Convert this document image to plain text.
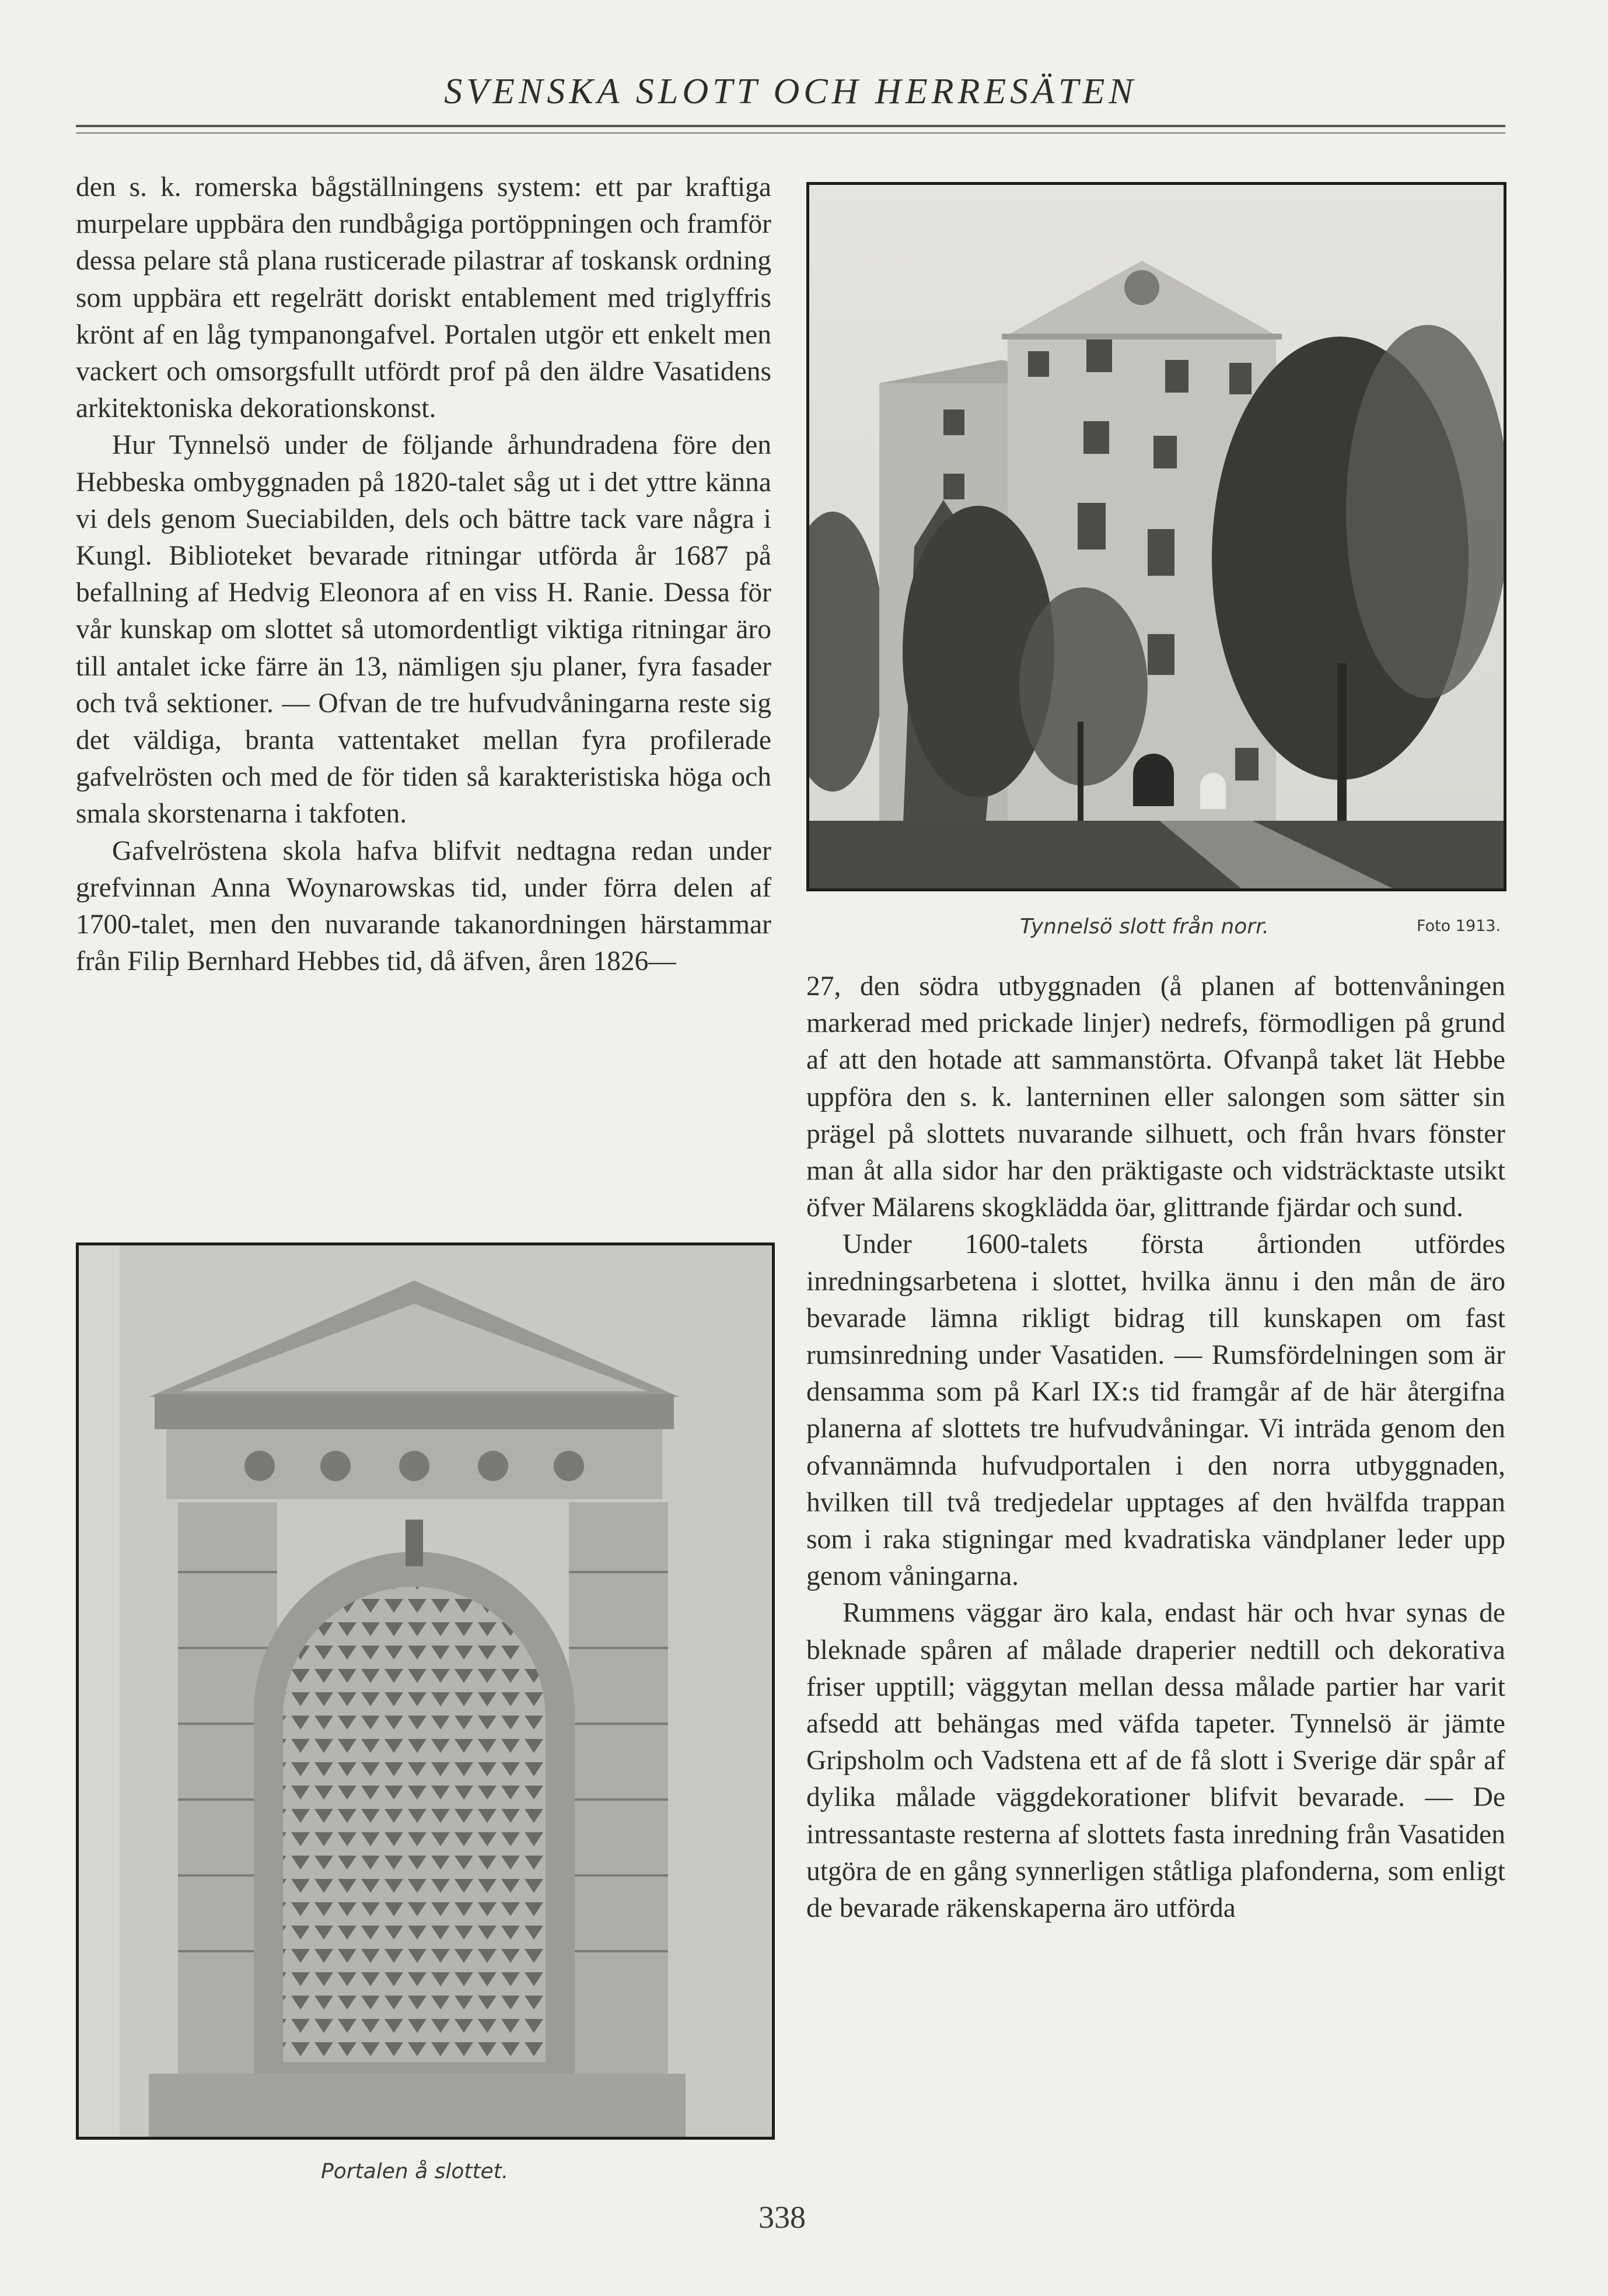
SVENSKA SLOTT OCH HERRESÄTEN

den s. k. romerska bågställningens system: ett par kraftiga murpelare uppbära den rundbågiga portöppningen och framför dessa pelare stå plana rusticerade pilastrar af toskansk ordning som uppbära ett regelrätt doriskt entablement med triglyffris krönt af en låg tympanongafvel. Portalen utgör ett enkelt men vackert och omsorgsfullt utfördt prof på den äldre Vasatidens arkitektoniska dekorationskonst.

Hur Tynnelsö under de följande århundradena före den Hebbeska ombyggnaden på 1820-talet såg ut i det yttre känna vi dels genom Sueciabilden, dels och bättre tack vare några i Kungl. Biblioteket bevarade ritningar utförda år 1687 på befallning af Hedvig Eleonora af en viss H. Ranie. Dessa för vår kunskap om slottet så utomordentligt viktiga ritningar äro till antalet icke färre än 13, nämligen sju planer, fyra fasader och två sektioner. — Ofvan de tre hufvudvåningarna reste sig det väldiga, branta vattentaket mellan fyra profilerade gafvelrösten och med de för tiden så karakteristiska höga och smala skorstenarna i takfoten.

Gafvelröstena skola hafva blifvit nedtagna redan under grefvinnan Anna Woynarowskas tid, under förra delen af 1700-talet, men den nuvarande takanordningen härstammar från Filip Bernhard Hebbes tid, då äfven, åren 1826—

Tynnelsö slott från norr.	Foto 1913.

27, den södra utbyggnaden (å planen af bottenvåningen markerad med prickade linjer) nedrefs, förmodligen på grund af att den hotade att sammanstörta. Ofvanpå taket lät Hebbe uppföra den s. k. lanterninen eller salongen som sätter sin prägel på slottets nuvarande silhuett, och från hvars fönster man åt alla sidor har den präktigaste och vidsträcktaste utsikt öfver Mälarens skogklädda öar, glittrande fjärdar och sund.

Under 1600-talets första årtionden utfördes inredningsarbetena i slottet, hvilka ännu i den mån de äro bevarade lämna rikligt bidrag till kunskapen om fast rumsinredning under Vasatiden. — Rumsfördelningen som är densamma som på Karl IX:s tid framgår af de här återgifna planerna af slottets tre hufvudvåningar. Vi inträda genom den ofvannämnda hufvudportalen i den norra utbyggnaden, hvilken till två tredjedelar upptages af den hvälfda trappan som i raka stigningar med kvadratiska vändplaner leder upp genom våningarna.

Rummens väggar äro kala, endast här och hvar synas de bleknade spåren af målade draperier nedtill och dekorativa friser upptill; väggytan mellan dessa målade partier har varit afsedd att behängas med väfda tapeter. Tynnelsö är jämte Gripsholm och Vadstena ett af de få slott i Sverige där spår af dylika målade väggdekorationer blifvit bevarade. — De intressantaste resterna af slottets fasta inredning från Vasatiden utgöra de en gång synnerligen ståtliga plafonderna, som enligt de bevarade räkenskaperna äro utförda

Portalen å slottet.
338
